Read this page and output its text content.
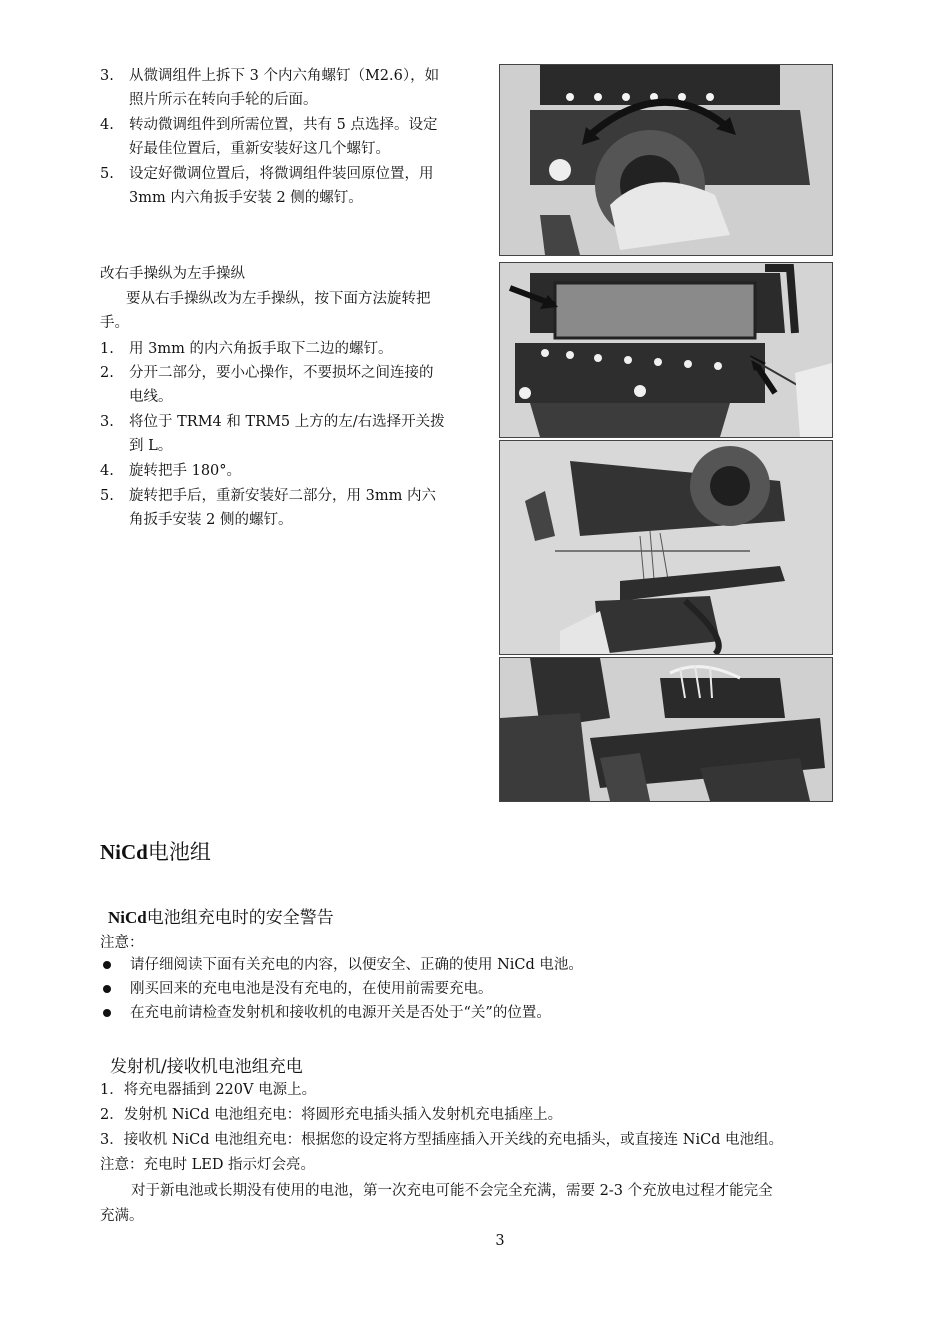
3. 从微调组件上拆下 3 个内六角螺钉（M2.6），如
照片所示在转向手轮的后面。
4. 转动微调组件到所需位置，共有 5 点选择。设定
好最佳位置后，重新安装好这几个螺钉。
5. 设定好微调位置后，将微调组件装回原位置，用
3mm 内六角扳手安装 2 侧的螺钉。
改右手操纵为左手操纵
要从右手操纵改为左手操纵，按下面方法旋转把
手。
1. 用 3mm 的内六角扳手取下二边的螺钉。
2. 分开二部分，要小心操作，不要损坏之间连接的
电线。
3. 将位于 TRM4 和 TRM5 上方的左/右选择开关拨
到 L。
4. 旋转把手 180°。
5. 旋转把手后，重新安装好二部分，用 3mm 内六
角扳手安装 2 侧的螺钉。
NiCd电池组
NiCd电池组充电时的安全警告
注意：
请仔细阅读下面有关充电的内容，以便安全、正确的使用 NiCd 电池。
刚买回来的充电电池是没有充电的，在使用前需要充电。
在充电前请检查发射机和接收机的电源开关是否处于“关”的位置。
发射机/接收机电池组充电
1．将充电器插到 220V 电源上。
2．发射机 NiCd 电池组充电：将圆形充电插头插入发射机充电插座上。
3．接收机 NiCd 电池组充电：根据您的设定将方型插座插入开关线的充电插头，或直接连 NiCd 电池组。
注意：充电时 LED 指示灯会亮。
对于新电池或长期没有使用的电池，第一次充电可能不会完全充满，需要 2-3 个充放电过程才能完全
充满。
3
